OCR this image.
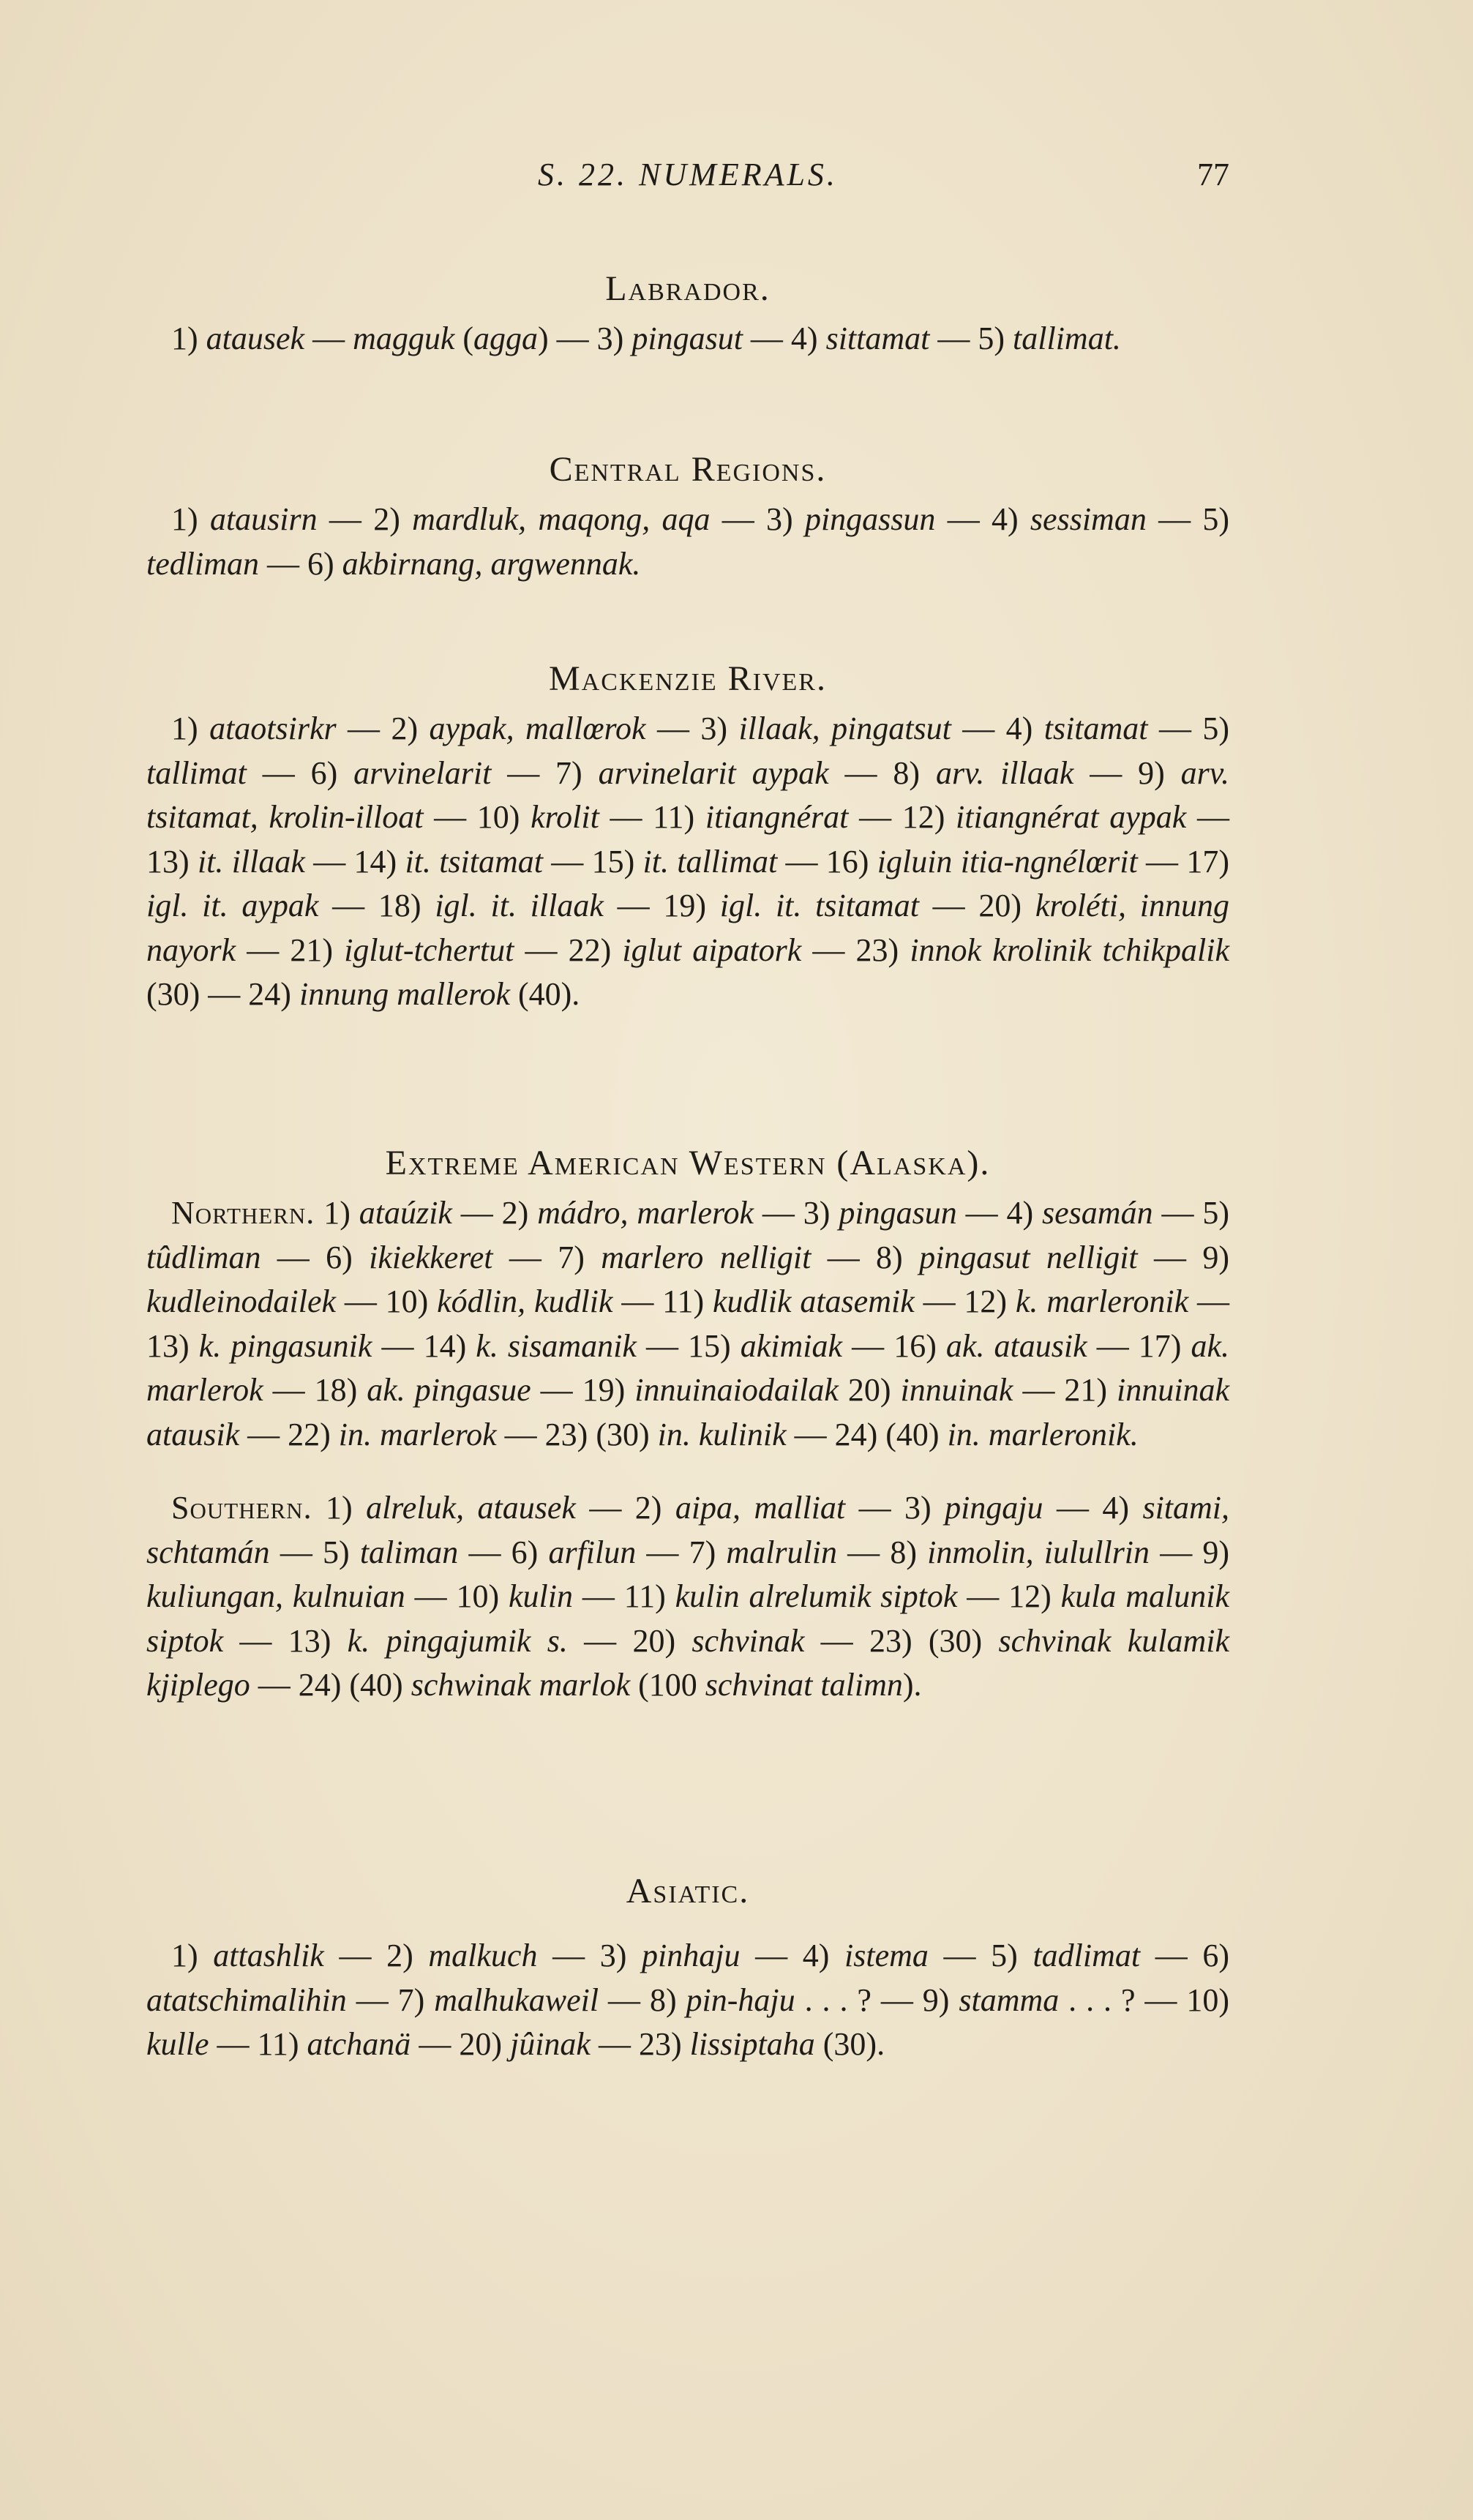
S. 22. NUMERALS.	77
Labrador.

1) atausek — magguk (agga) — 3) pingasut — 4) sittamat — 5) tallimat.

Central Regions.

1) atausirn — 2) mardluk, maqong, aqa — 3) pingassun — 4) sessiman — 5) tedliman — 6) akbirnang, argwennak.

Mackenzie River.

1) ataotsirkr — 2) aypak, mallœrok — 3) illaak, pingatsut — 4) tsitamat — 5) tallimat — 6) arvinelarit — 7) arvinelarit aypak — 8) arv. illaak — 9) arv. tsitamat, krolin-illoat — 10) krolit — 11) itiangnérat — 12) itiangnérat aypak — 13) it. illaak — 14) it. tsitamat — 15) it. tallimat — 16) igluin itia-ngnélœrit — 17) igl. it. aypak — 18) igl. it. illaak — 19) igl. it. tsitamat — 20) kroléti, innung nayork — 21) iglut-tchertut — 22) iglut aipatork — 23) innok krolinik tchikpalik (30) — 24) innung mallerok (40).

Extreme American Western (Alaska).

Northern. 1) ataúzik — 2) mádro, marlerok — 3) pingasun — 4) sesamán — 5) tûdliman — 6) ikiekkeret — 7) marlero nelligit — 8) pingasut nelligit — 9) kudleinodailek — 10) kódlin, kudlik — 11) kudlik atasemik — 12) k. marleronik — 13) k. pingasunik — 14) k. sisamanik — 15) akimiak — 16) ak. atausik — 17) ak. marlerok — 18) ak. pingasue — 19) innuinaiodailak 20) innuinak — 21) innuinak atausik — 22) in. marlerok — 23) (30) in. kulinik — 24) (40) in. marleronik.

Southern. 1) alreluk, atausek — 2) aipa, malliat — 3) pingaju — 4) sitami, schtamán — 5) taliman — 6) arfilun — 7) malrulin — 8) inmolin, iulullrin — 9) kuliungan, kulnuian — 10) kulin — 11) kulin alrelumik siptok — 12) kula malunik siptok — 13) k. pingajumik s. — 20) schvinak — 23) (30) schvinak kulamik kjiplego — 24) (40) schwinak marlok (100 schvinat talimn).

Asiatic.

1) attashlik — 2) malkuch — 3) pinhaju — 4) istema — 5) tadlimat — 6) atatschimalihin — 7) malhukaweil — 8) pin-haju . . . ? — 9) stamma . . . ? — 10) kulle — 11) atchanä — 20) jûinak — 23) lissiptaha (30).
